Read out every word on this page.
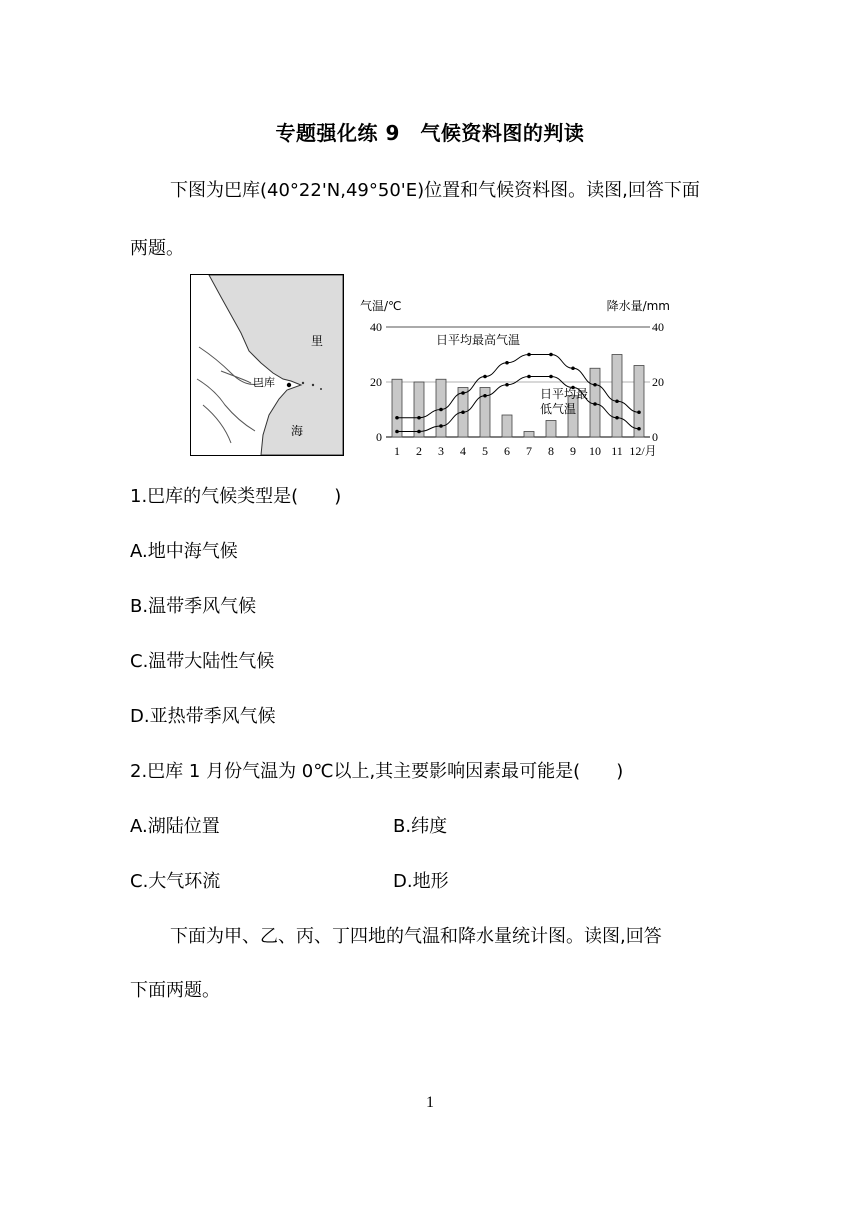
专题强化练 9　气候资料图的判读
下图为巴库(40°22'N,49°50'E)位置和气候资料图。读图,回答下面
两题。
里
海
巴库
气温/℃	降水量/mm
40
20
0
40
20
0
1 2 3 4 5 6 7 8 9 10 11 12/月
日平均最高气温
日平均最
低气温
1.巴库的气候类型是(　　)
A.地中海气候
B.温带季风气候
C.温带大陆性气候
D.亚热带季风气候
2.巴库 1 月份气温为 0℃以上,其主要影响因素最可能是(　　)
A.湖陆位置	B.纬度
C.大气环流	D.地形
下面为甲、乙、丙、丁四地的气温和降水量统计图。读图,回答
下面两题。
1
